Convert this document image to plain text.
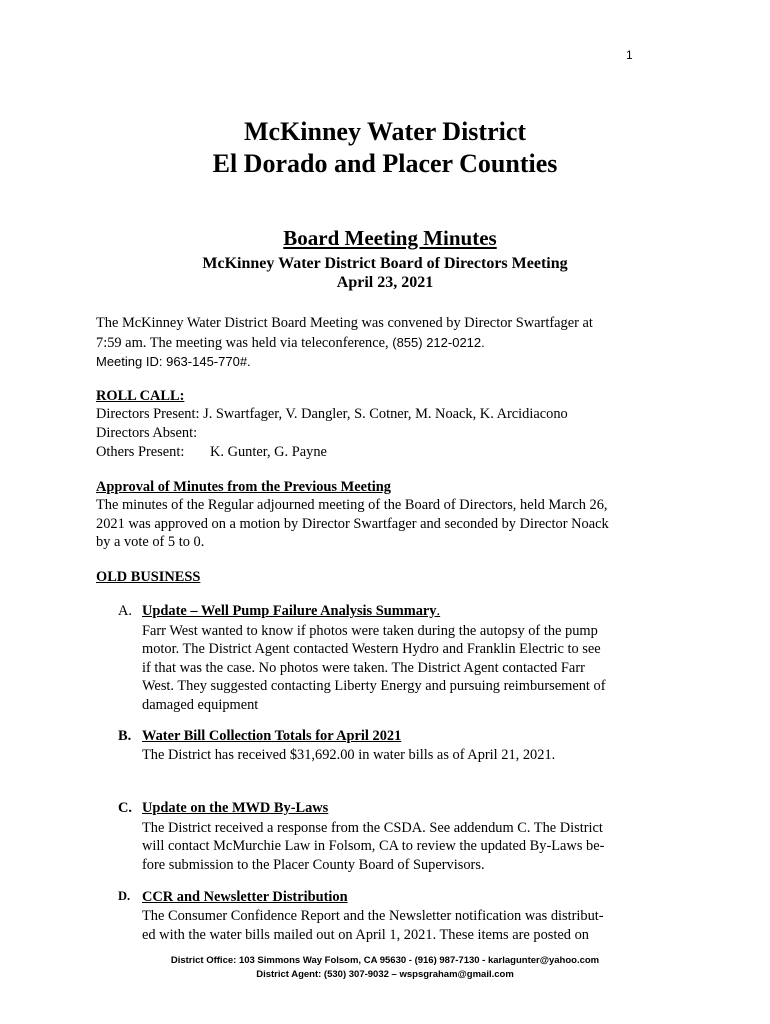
1
McKinney Water District
El Dorado and Placer Counties
Board Meeting Minutes
McKinney Water District Board of Directors Meeting
April 23, 2021
The McKinney Water District Board Meeting was convened by Director Swartfager at
7:59 am. The meeting was held via teleconference, (855) 212-0212.
Meeting ID: 963-145-770#.
ROLL CALL:
Directors Present: J. Swartfager, V. Dangler, S. Cotner, M. Noack, K. Arcidiacono
Directors Absent:
Others Present: K. Gunter, G. Payne
Approval of Minutes from the Previous Meeting
The minutes of the Regular adjourned meeting of the Board of Directors, held March 26,
2021 was approved on a motion by Director Swartfager and seconded by Director Noack
by a vote of 5 to 0.
OLD BUSINESS
A. Update – Well Pump Failure Analysis Summary.
Farr West wanted to know if photos were taken during the autopsy of the pump
motor. The District Agent contacted Western Hydro and Franklin Electric to see
if that was the case. No photos were taken. The District Agent contacted Farr
West. They suggested contacting Liberty Energy and pursuing reimbursement of
damaged equipment
B. Water Bill Collection Totals for April 2021
The District has received $31,692.00 in water bills as of April 21, 2021.
C. Update on the MWD By-Laws
The District received a response from the CSDA. See addendum C. The District
will contact McMurchie Law in Folsom, CA to review the updated By-Laws be-
fore submission to the Placer County Board of Supervisors.
D. CCR and Newsletter Distribution
The Consumer Confidence Report and the Newsletter notification was distribut-
ed with the water bills mailed out on April 1, 2021. These items are posted on
District Office: 103 Simmons Way Folsom, CA 95630 - (916) 987-7130 - karlagunter@yahoo.com
District Agent: (530) 307-9032 – wspsgraham@gmail.com
